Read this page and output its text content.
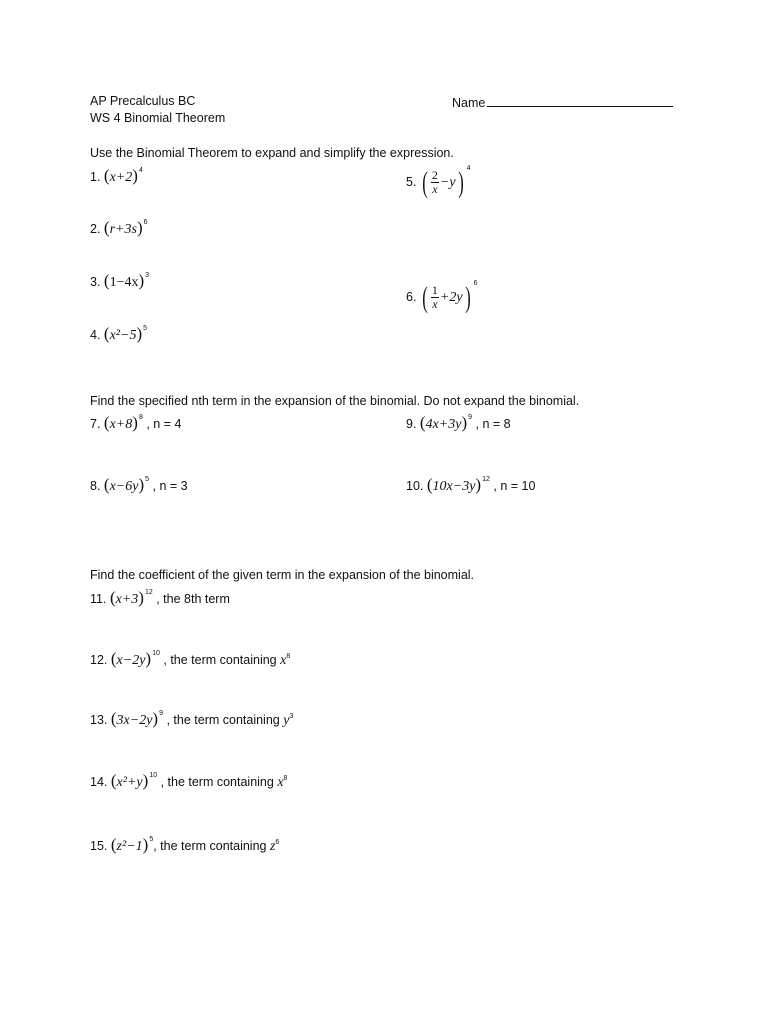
AP Precalculus BC
WS 4 Binomial Theorem
Name
Use the Binomial Theorem to expand and simplify the expression.
1. $(x+2)^4$
2. $(r+3s)^6$
3. $(1-4x)^3$
4. $(x^2-5)^5$
5. ( $\frac{2}{x} -y$) $^4$
6. ( $\frac{1}{x} +2y$) $^6$
Find the specified nth term in the expansion of the binomial. Do not expand the binomial.
7. $(x+8)^8$ , n = 4
8. $(x-6y)^5$ , n = 3
9. $(4x+3y)^9$ , n = 8
10. $(10x-3y)^{12}$ , n = 10
Find the coefficient of the given term in the expansion of the binomial.
11. $(x+3)^{12}$ , the 8th term
12. $(x-2y)^{10}$ , the term containing $x^8$
13. $(3x-2y)^9$ , the term containing $y^3$
14. $(x^2+y)^{10}$ , the term containing $x^8$
15. $(z^2-1)^5$, the term containing $z^6$
